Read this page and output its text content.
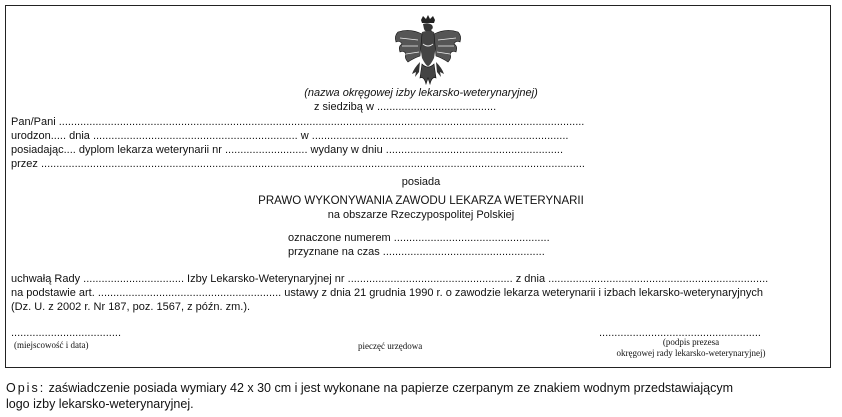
(nazwa okręgowej izby lekarsko-weterynaryjnej)
z siedzibą w .......................................
Pan/Pani ............................................................................................................................................................................
urodzon..... dnia ................................................................... w ....................................................................................
posiadając.... dyplom lekarza weterynarii nr ........................... wydany w dniu ..........................................................
przez ..................................................................................................................................................................................
posiada
PRAWO WYKONYWANIA ZAWODU LEKARZA WETERYNARII
na obszarze Rzeczypospolitej Polskiej
oznaczone numerem ...................................................
przyznane na czas .....................................................
uchwałą Rady ................................. Izby Lekarsko-Weterynaryjnej nr ...................................................... z dnia ........................................................................
na podstawie art. ............................................................ ustawy z dnia 21 grudnia 1990 r. o zawodzie lekarza weterynarii i izbach lekarsko-weterynaryjnych
(Dz. U. z 2002 r. Nr 187, poz. 1567, z późn. zm.).
....................................
(miejscowość i data)	pieczęć urzędowa
.....................................................
(podpis prezesa
okręgowej rady lekarsko-weterynaryjnej)
Opis: zaświadczenie posiada wymiary 42 x 30 cm i jest wykonane na papierze czerpanym ze znakiem wodnym przedstawiającym
logo izby lekarsko-weterynaryjnej.
